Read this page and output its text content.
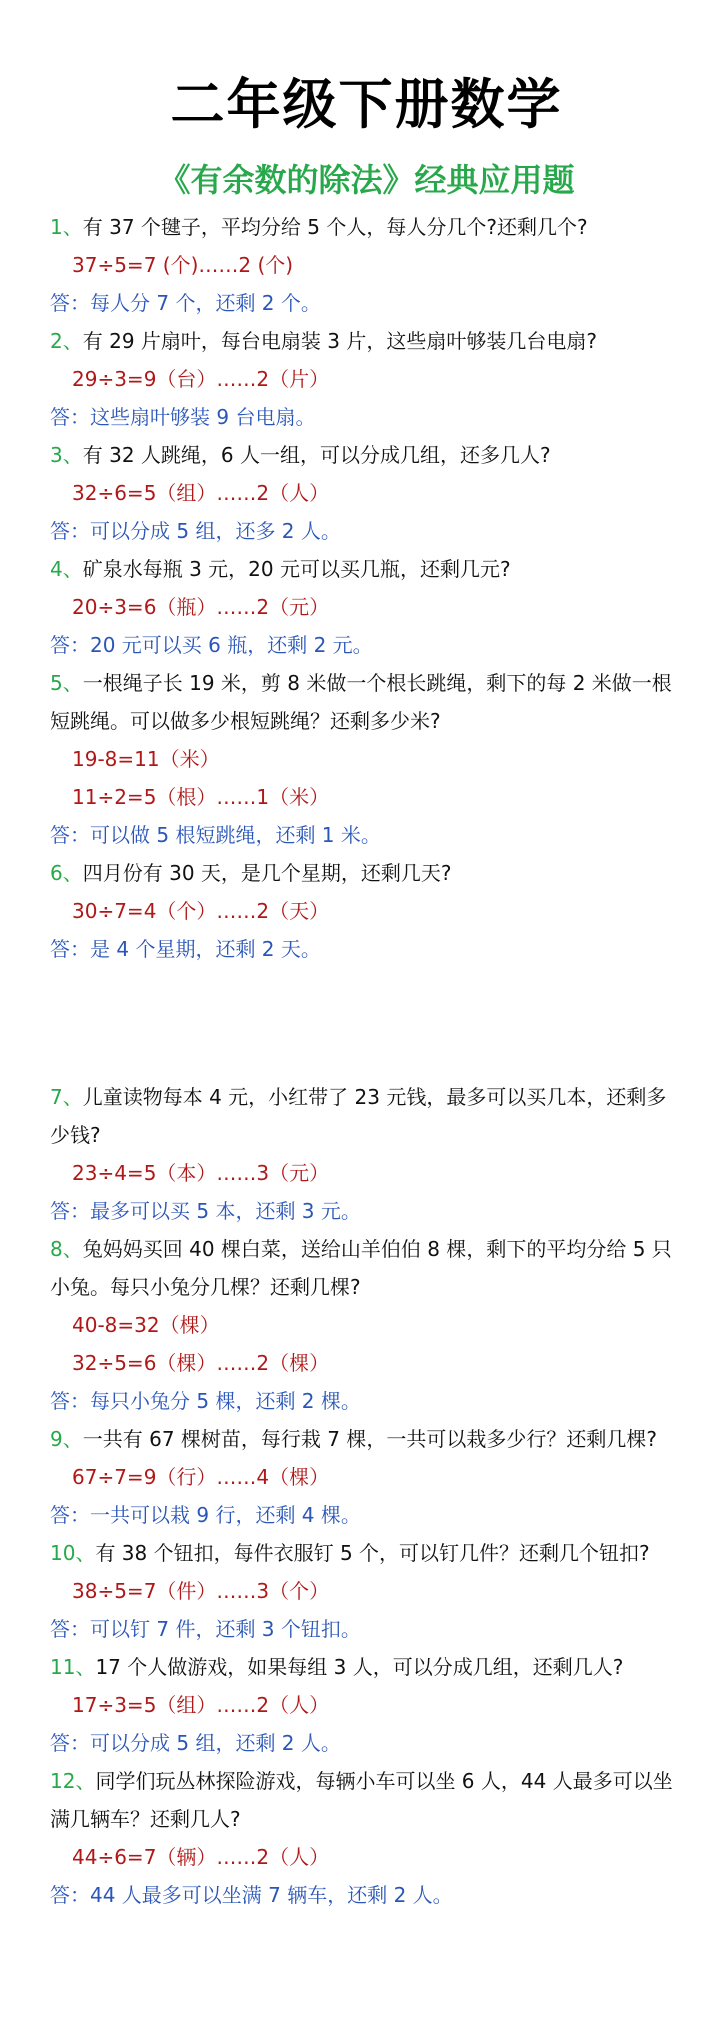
二年级下册数学
《有余数的除法》经典应用题
1、有 37 个毽子，平均分给 5 个人，每人分几个?还剩几个?
37÷5=7 (个)……2 (个)
答：每人分 7 个，还剩 2 个。
2、有 29 片扇叶，每台电扇装 3 片，这些扇叶够装几台电扇?
29÷3=9（台）……2（片）
答：这些扇叶够装 9 台电扇。
3、有 32 人跳绳，6 人一组，可以分成几组，还多几人?
32÷6=5（组）……2（人）
答：可以分成 5 组，还多 2 人。
4、矿泉水每瓶 3 元，20 元可以买几瓶，还剩几元?
20÷3=6（瓶）……2（元）
答：20 元可以买 6 瓶，还剩 2 元。
5、一根绳子长 19 米，剪 8 米做一个根长跳绳，剩下的每 2 米做一根短跳绳。可以做多少根短跳绳？还剩多少米?
19-8=11（米）
11÷2=5（根）……1（米）
答：可以做 5 根短跳绳，还剩 1 米。
6、四月份有 30 天，是几个星期，还剩几天?
30÷7=4（个）……2（天）
答：是 4 个星期，还剩 2 天。
7、儿童读物每本 4 元，小红带了 23 元钱，最多可以买几本，还剩多少钱?
23÷4=5（本）……3（元）
答：最多可以买 5 本，还剩 3 元。
8、兔妈妈买回 40 棵白菜，送给山羊伯伯 8 棵，剩下的平均分给 5 只小兔。每只小兔分几棵？还剩几棵?
40-8=32（棵）
32÷5=6（棵）……2（棵）
答：每只小兔分 5 棵，还剩 2 棵。
9、一共有 67 棵树苗，每行栽 7 棵，一共可以栽多少行？还剩几棵?
67÷7=9（行）……4（棵）
答：一共可以栽 9 行，还剩 4 棵。
10、有 38 个钮扣，每件衣服钉 5 个，可以钉几件？还剩几个钮扣?
38÷5=7（件）……3（个）
答：可以钉 7 件，还剩 3 个钮扣。
11、17 个人做游戏，如果每组 3 人，可以分成几组，还剩几人?
17÷3=5（组）……2（人）
答：可以分成 5 组，还剩 2 人。
12、同学们玩丛林探险游戏，每辆小车可以坐 6 人，44 人最多可以坐满几辆车？还剩几人?
44÷6=7（辆）……2（人）
答：44 人最多可以坐满 7 辆车，还剩 2 人。
